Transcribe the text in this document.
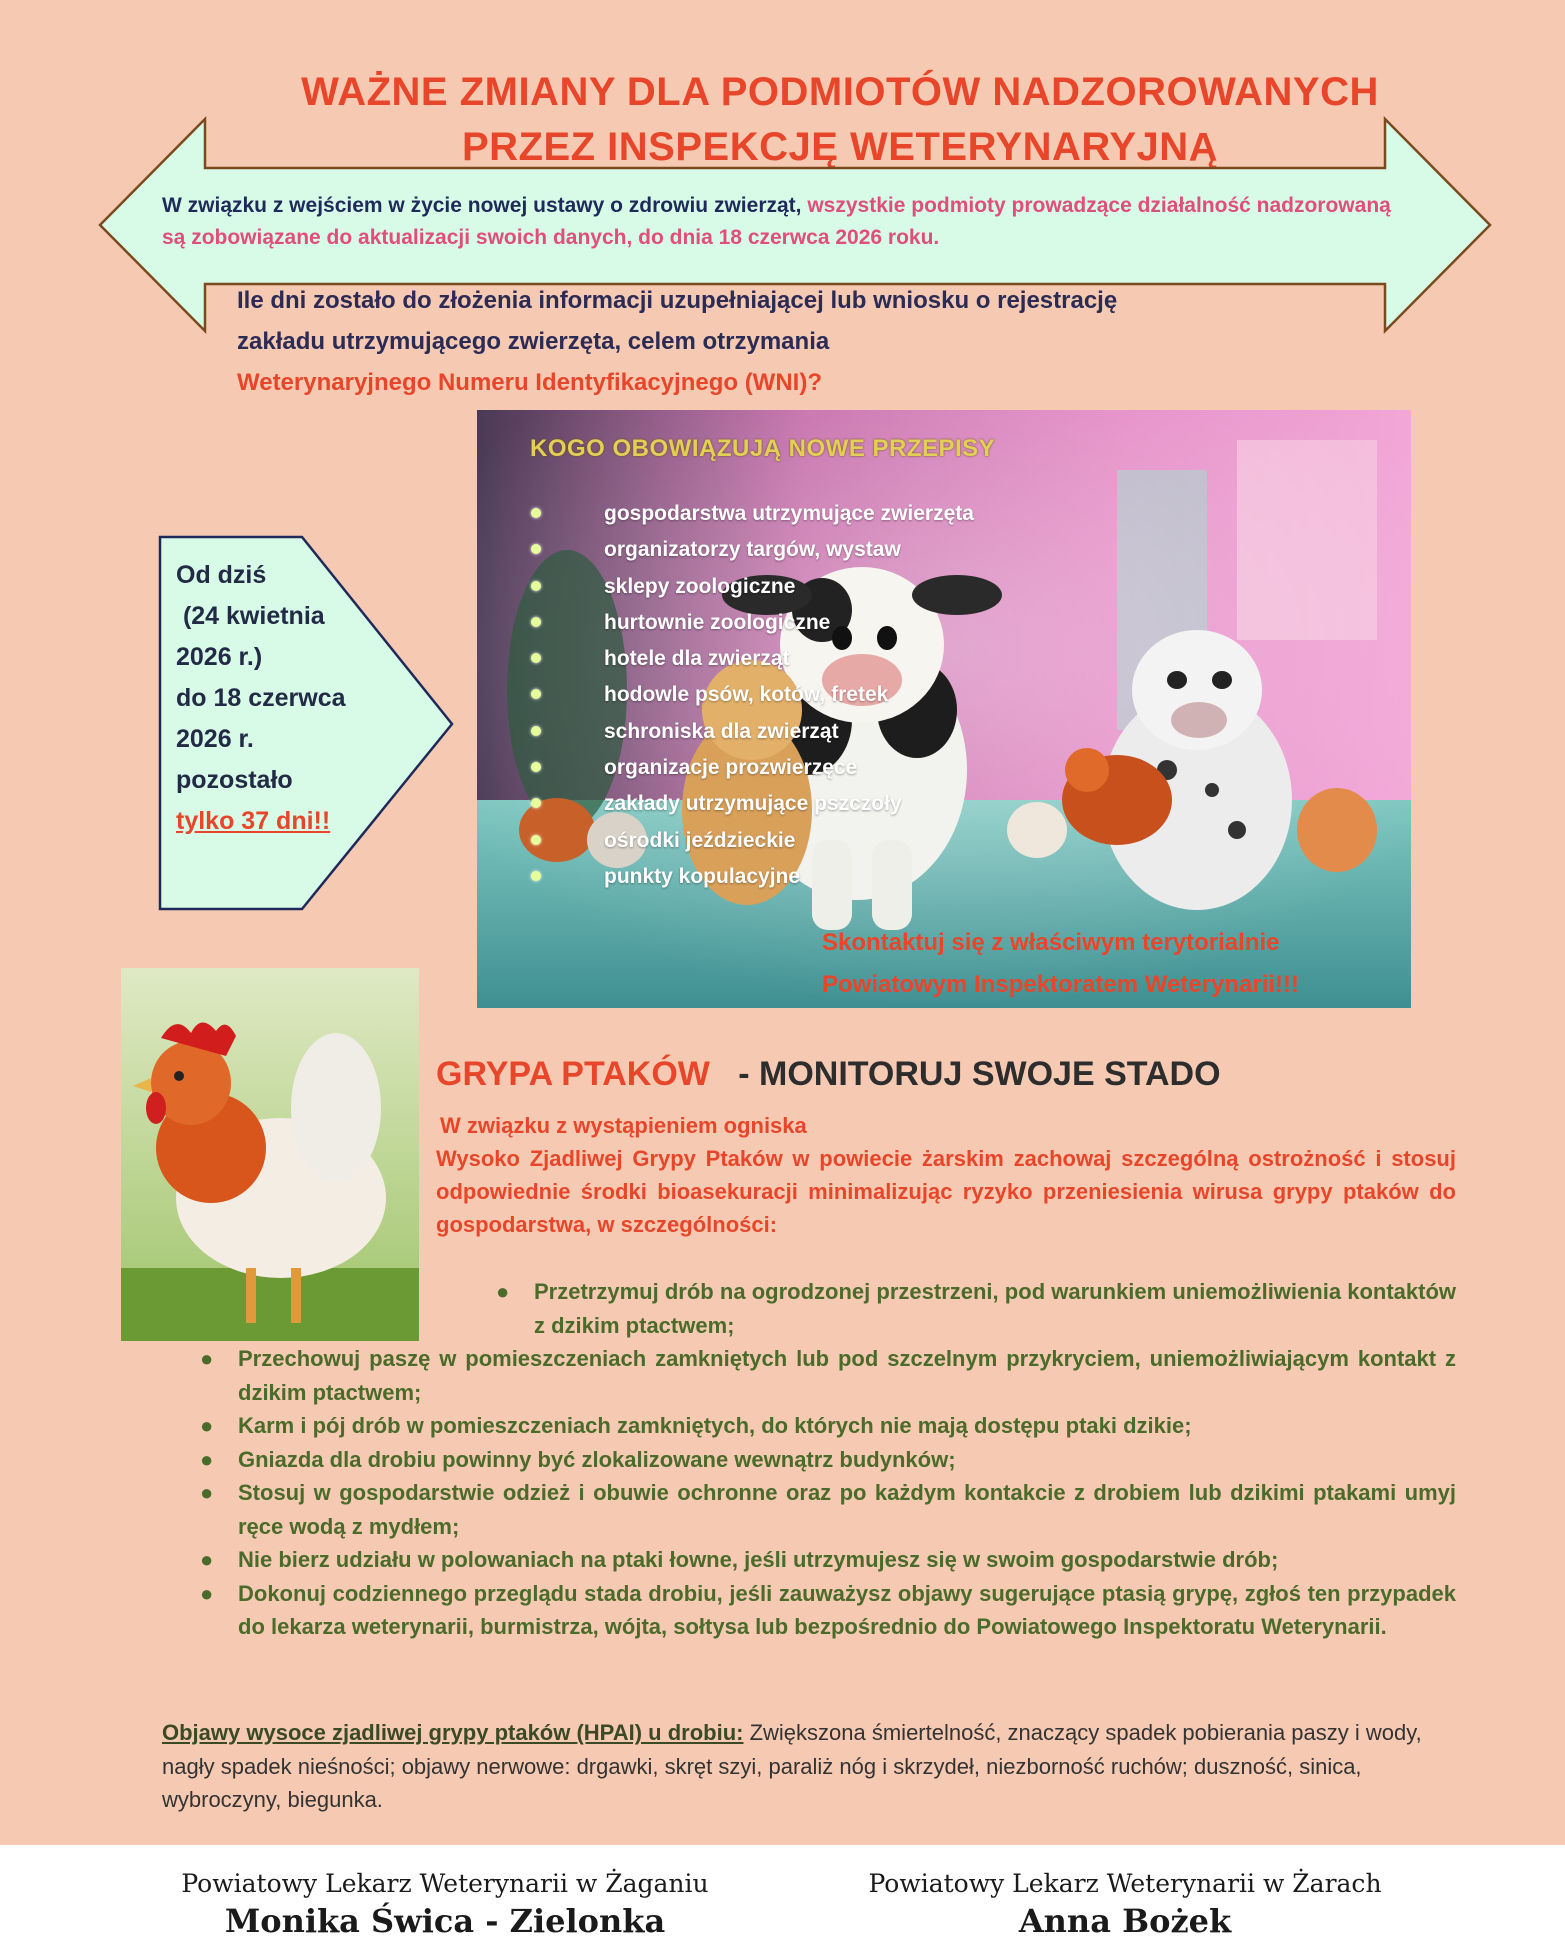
WAŻNE ZMIANY DLA PODMIOTÓW NADZOROWANYCH
PRZEZ INSPEKCJĘ WETERYNARYJNĄ
W związku z wejściem w życie nowej ustawy o zdrowiu zwierząt, wszystkie podmioty prowadzące działalność nadzorowaną są zobowiązane do aktualizacji swoich danych, do dnia 18 czerwca 2026 roku.
Ile dni zostało do złożenia informacji uzupełniającej lub wniosku o rejestrację
zakładu utrzymującego zwierzęta, celem otrzymania
Weterynaryjnego Numeru Identyfikacyjnego (WNI)?
Od dziś
(24 kwietnia
2026 r.)
do 18 czerwca
2026 r.
pozostało
tylko 37 dni!!
KOGO OBOWIĄZUJĄ NOWE PRZEPISY
gospodarstwa utrzymujące zwierzęta
organizatorzy targów, wystaw
sklepy zoologiczne
hurtownie zoologiczne
hotele dla zwierząt
hodowle psów, kotów, fretek
schroniska dla zwierząt
organizacje prozwierzęce
zakłady utrzymujące pszczoły
ośrodki jeździeckie
punkty kopulacyjne
Skontaktuj się z właściwym terytorialnie
Powiatowym Inspektoratem Weterynarii!!!
GRYPA PTAKÓW - MONITORUJ SWOJE STADO
W związku z wystąpieniem ogniska
Wysoko Zjadliwej Grypy Ptaków w powiecie żarskim zachowaj szczególną ostrożność i stosuj odpowiednie środki bioasekuracji minimalizując ryzyko przeniesienia wirusa grypy ptaków do gospodarstwa, w szczególności:
● Przetrzymuj drób na ogrodzonej przestrzeni, pod warunkiem uniemożliwienia kontaktów z dzikim ptactwem;
● Przechowuj paszę w pomieszczeniach zamkniętych lub pod szczelnym przykryciem, uniemożliwiającym kontakt z dzikim ptactwem;
● Karm i pój drób w pomieszczeniach zamkniętych, do których nie mają dostępu ptaki dzikie;
● Gniazda dla drobiu powinny być zlokalizowane wewnątrz budynków;
● Stosuj w gospodarstwie odzież i obuwie ochronne oraz po każdym kontakcie z drobiem lub dzikimi ptakami umyj ręce wodą z mydłem;
● Nie bierz udziału w polowaniach na ptaki łowne, jeśli utrzymujesz się w swoim gospodarstwie drób;
● Dokonuj codziennego przeglądu stada drobiu, jeśli zauważysz objawy sugerujące ptasią grypę, zgłoś ten przypadek do lekarza weterynarii, burmistrza, wójta, sołtysa lub bezpośrednio do Powiatowego Inspektoratu Weterynarii.
Objawy wysoce zjadliwej grypy ptaków (HPAI) u drobiu: Zwiększona śmiertelność, znaczący spadek pobierania paszy i wody, nagły spadek nieśności; objawy nerwowe: drgawki, skręt szyi, paraliż nóg i skrzydeł, niezborność ruchów; duszność, sinica, wybroczyny, biegunka.
Powiatowy Lekarz Weterynarii w Żaganiu
Monika Świca - Zielonka
Powiatowy Lekarz Weterynarii w Żarach
Anna Bożek
